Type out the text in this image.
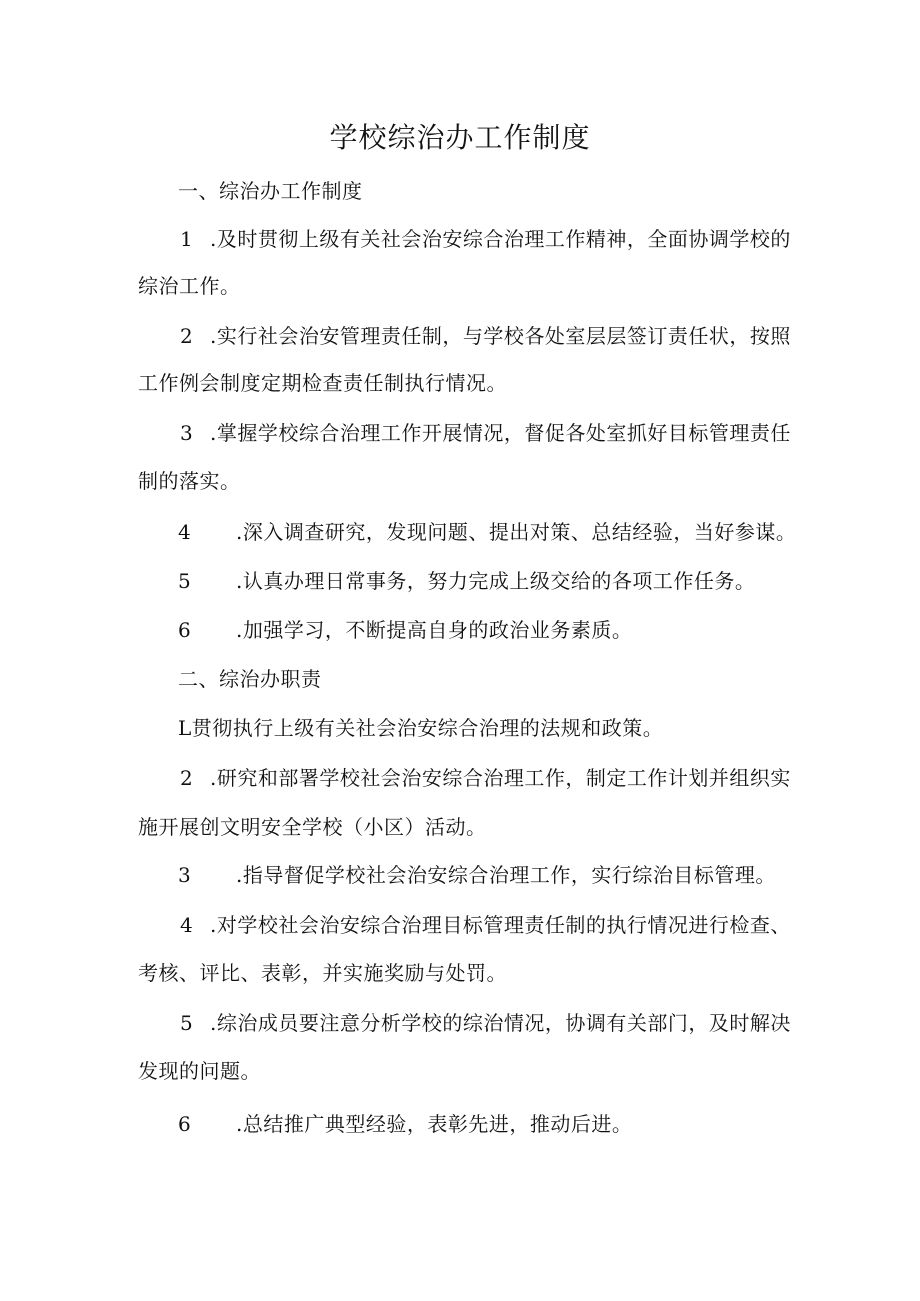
学校综治办工作制度
一、综治办工作制度
1 .及时贯彻上级有关社会治安综合治理工作精神，全面协调学校的
综治工作。
2 .实行社会治安管理责任制，与学校各处室层层签订责任状，按照
工作例会制度定期检查责任制执行情况。
3 .掌握学校综合治理工作开展情况，督促各处室抓好目标管理责任
制的落实。
4 .深入调查研究，发现问题、提出对策、总结经验，当好参谋。
5 .认真办理日常事务，努力完成上级交给的各项工作任务。
6 .加强学习，不断提高自身的政治业务素质。
二、综治办职责
L贯彻执行上级有关社会治安综合治理的法规和政策。
2 .研究和部署学校社会治安综合治理工作，制定工作计划并组织实
施开展创文明安全学校（小区）活动。
3 .指导督促学校社会治安综合治理工作，实行综治目标管理。
4 .对学校社会治安综合治理目标管理责任制的执行情况进行检查、
考核、评比、表彰，并实施奖励与处罚。
5 .综治成员要注意分析学校的综治情况，协调有关部门，及时解决
发现的问题。
6 .总结推广典型经验，表彰先进，推动后进。
